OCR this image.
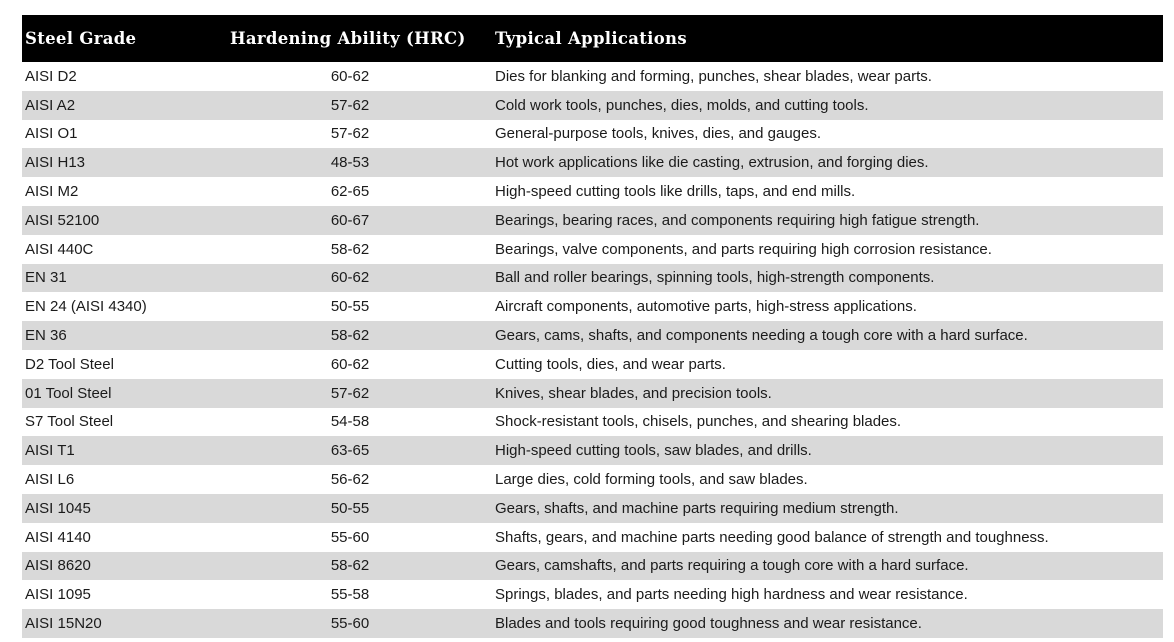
Steel Grade	Hardening Ability (HRC)	Typical Applications
AISI D2	60-62	Dies for blanking and forming, punches, shear blades, wear parts.
AISI A2	57-62	Cold work tools, punches, dies, molds, and cutting tools.
AISI O1	57-62	General-purpose tools, knives, dies, and gauges.
AISI H13	48-53	Hot work applications like die casting, extrusion, and forging dies.
AISI M2	62-65	High-speed cutting tools like drills, taps, and end mills.
AISI 52100	60-67	Bearings, bearing races, and components requiring high fatigue strength.
AISI 440C	58-62	Bearings, valve components, and parts requiring high corrosion resistance.
EN 31	60-62	Ball and roller bearings, spinning tools, high-strength components.
EN 24 (AISI 4340)	50-55	Aircraft components, automotive parts, high-stress applications.
EN 36	58-62	Gears, cams, shafts, and components needing a tough core with a hard surface.
D2 Tool Steel	60-62	Cutting tools, dies, and wear parts.
01 Tool Steel	57-62	Knives, shear blades, and precision tools.
S7 Tool Steel	54-58	Shock-resistant tools, chisels, punches, and shearing blades.
AISI T1	63-65	High-speed cutting tools, saw blades, and drills.
AISI L6	56-62	Large dies, cold forming tools, and saw blades.
AISI 1045	50-55	Gears, shafts, and machine parts requiring medium strength.
AISI 4140	55-60	Shafts, gears, and machine parts needing good balance of strength and toughness.
AISI 8620	58-62	Gears, camshafts, and parts requiring a tough core with a hard surface.
AISI 1095	55-58	Springs, blades, and parts needing high hardness and wear resistance.
AISI 15N20	55-60	Blades and tools requiring good toughness and wear resistance.
